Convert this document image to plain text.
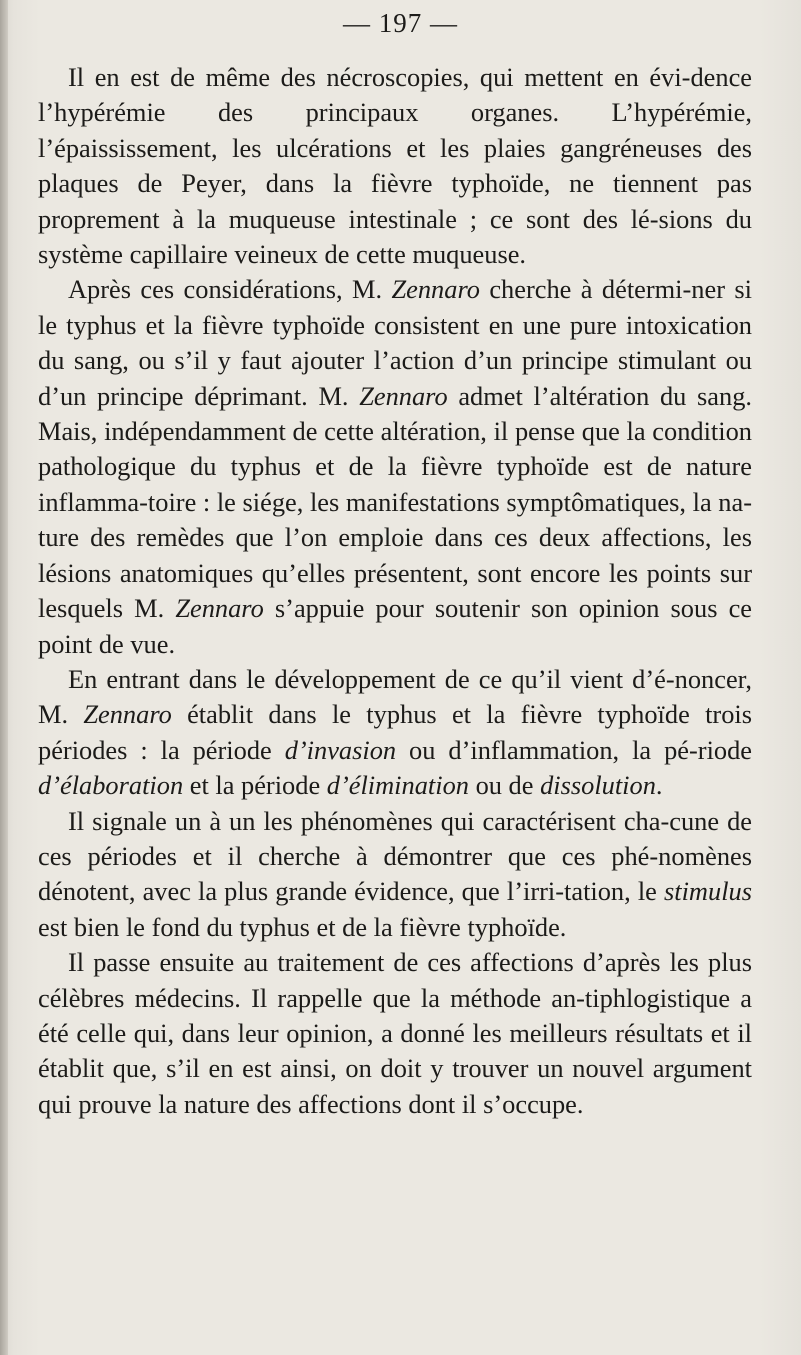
— 197 —

Il en est de même des nécroscopies, qui mettent en évi-dence l’hypérémie des principaux organes. L’hypérémie, l’épaississement, les ulcérations et les plaies gangréneuses des plaques de Peyer, dans la fièvre typhoïde, ne tiennent pas proprement à la muqueuse intestinale ; ce sont des lé-sions du système capillaire veineux de cette muqueuse.

Après ces considérations, M. Zennaro cherche à détermi-ner si le typhus et la fièvre typhoïde consistent en une pure intoxication du sang, ou s’il y faut ajouter l’action d’un principe stimulant ou d’un principe déprimant. M. Zennaro admet l’altération du sang. Mais, indépendamment de cette altération, il pense que la condition pathologique du typhus et de la fièvre typhoïde est de nature inflamma-toire : le siége, les manifestations symptômatiques, la na-ture des remèdes que l’on emploie dans ces deux affections, les lésions anatomiques qu’elles présentent, sont encore les points sur lesquels M. Zennaro s’appuie pour soutenir son opinion sous ce point de vue.

En entrant dans le développement de ce qu’il vient d’é-noncer, M. Zennaro établit dans le typhus et la fièvre typhoïde trois périodes : la période d’invasion ou d’inflammation, la pé-riode d’élaboration et la période d’élimination ou de dissolution.

Il signale un à un les phénomènes qui caractérisent cha-cune de ces périodes et il cherche à démontrer que ces phé-nomènes dénotent, avec la plus grande évidence, que l’irri-tation, le stimulus est bien le fond du typhus et de la fièvre typhoïde.

Il passe ensuite au traitement de ces affections d’après les plus célèbres médecins. Il rappelle que la méthode an-tiphlogistique a été celle qui, dans leur opinion, a donné les meilleurs résultats et il établit que, s’il en est ainsi, on doit y trouver un nouvel argument qui prouve la nature des affections dont il s’occupe.
